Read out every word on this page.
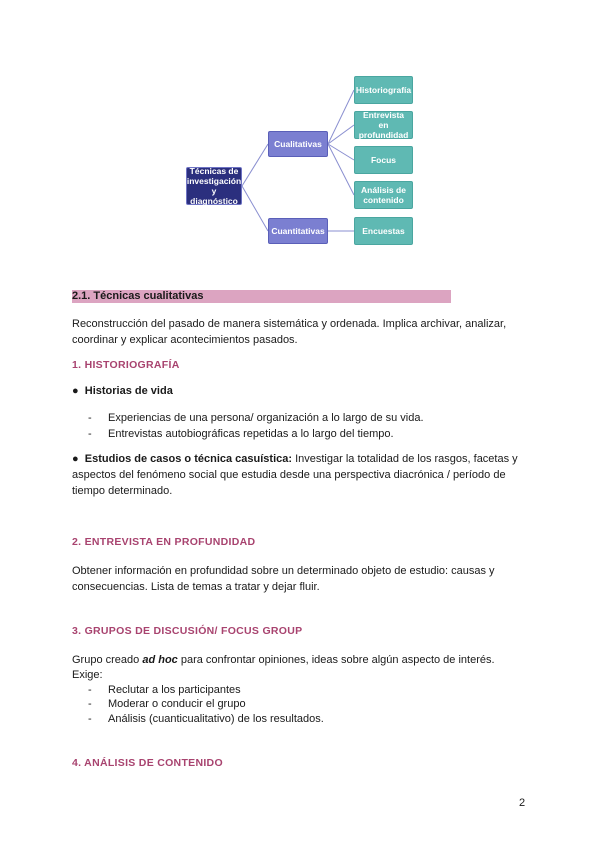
Técnicas de investigación y diagnóstico
Cualitativas
Cuantitativas
Historiografía
Entrevista en profundidad
Focus
Análisis de contenido
Encuestas
2.1. Técnicas cualitativas
Reconstrucción del pasado de manera sistemática y ordenada. Implica archivar, analizar, coordinar y explicar acontecimientos pasados.
1. HISTORIOGRAFÍA
● Historias de vida
- Experiencias de una persona/ organización a lo largo de su vida.
- Entrevistas autobiográficas repetidas a lo largo del tiempo.
● Estudios de casos o técnica casuística: Investigar la totalidad de los rasgos, facetas y aspectos del fenómeno social que estudia desde una perspectiva diacrónica / período de tiempo determinado.
2. ENTREVISTA EN PROFUNDIDAD
Obtener información en profundidad sobre un determinado objeto de estudio: causas y consecuencias. Lista de temas a tratar y dejar fluir.
3. GRUPOS DE DISCUSIÓN/ FOCUS GROUP
Grupo creado ad hoc para confrontar opiniones, ideas sobre algún aspecto de interés.
Exige:
- Reclutar a los participantes
- Moderar o conducir el grupo
- Análisis (cuanticualitativo) de los resultados.
4. ANÁLISIS DE CONTENIDO
2
